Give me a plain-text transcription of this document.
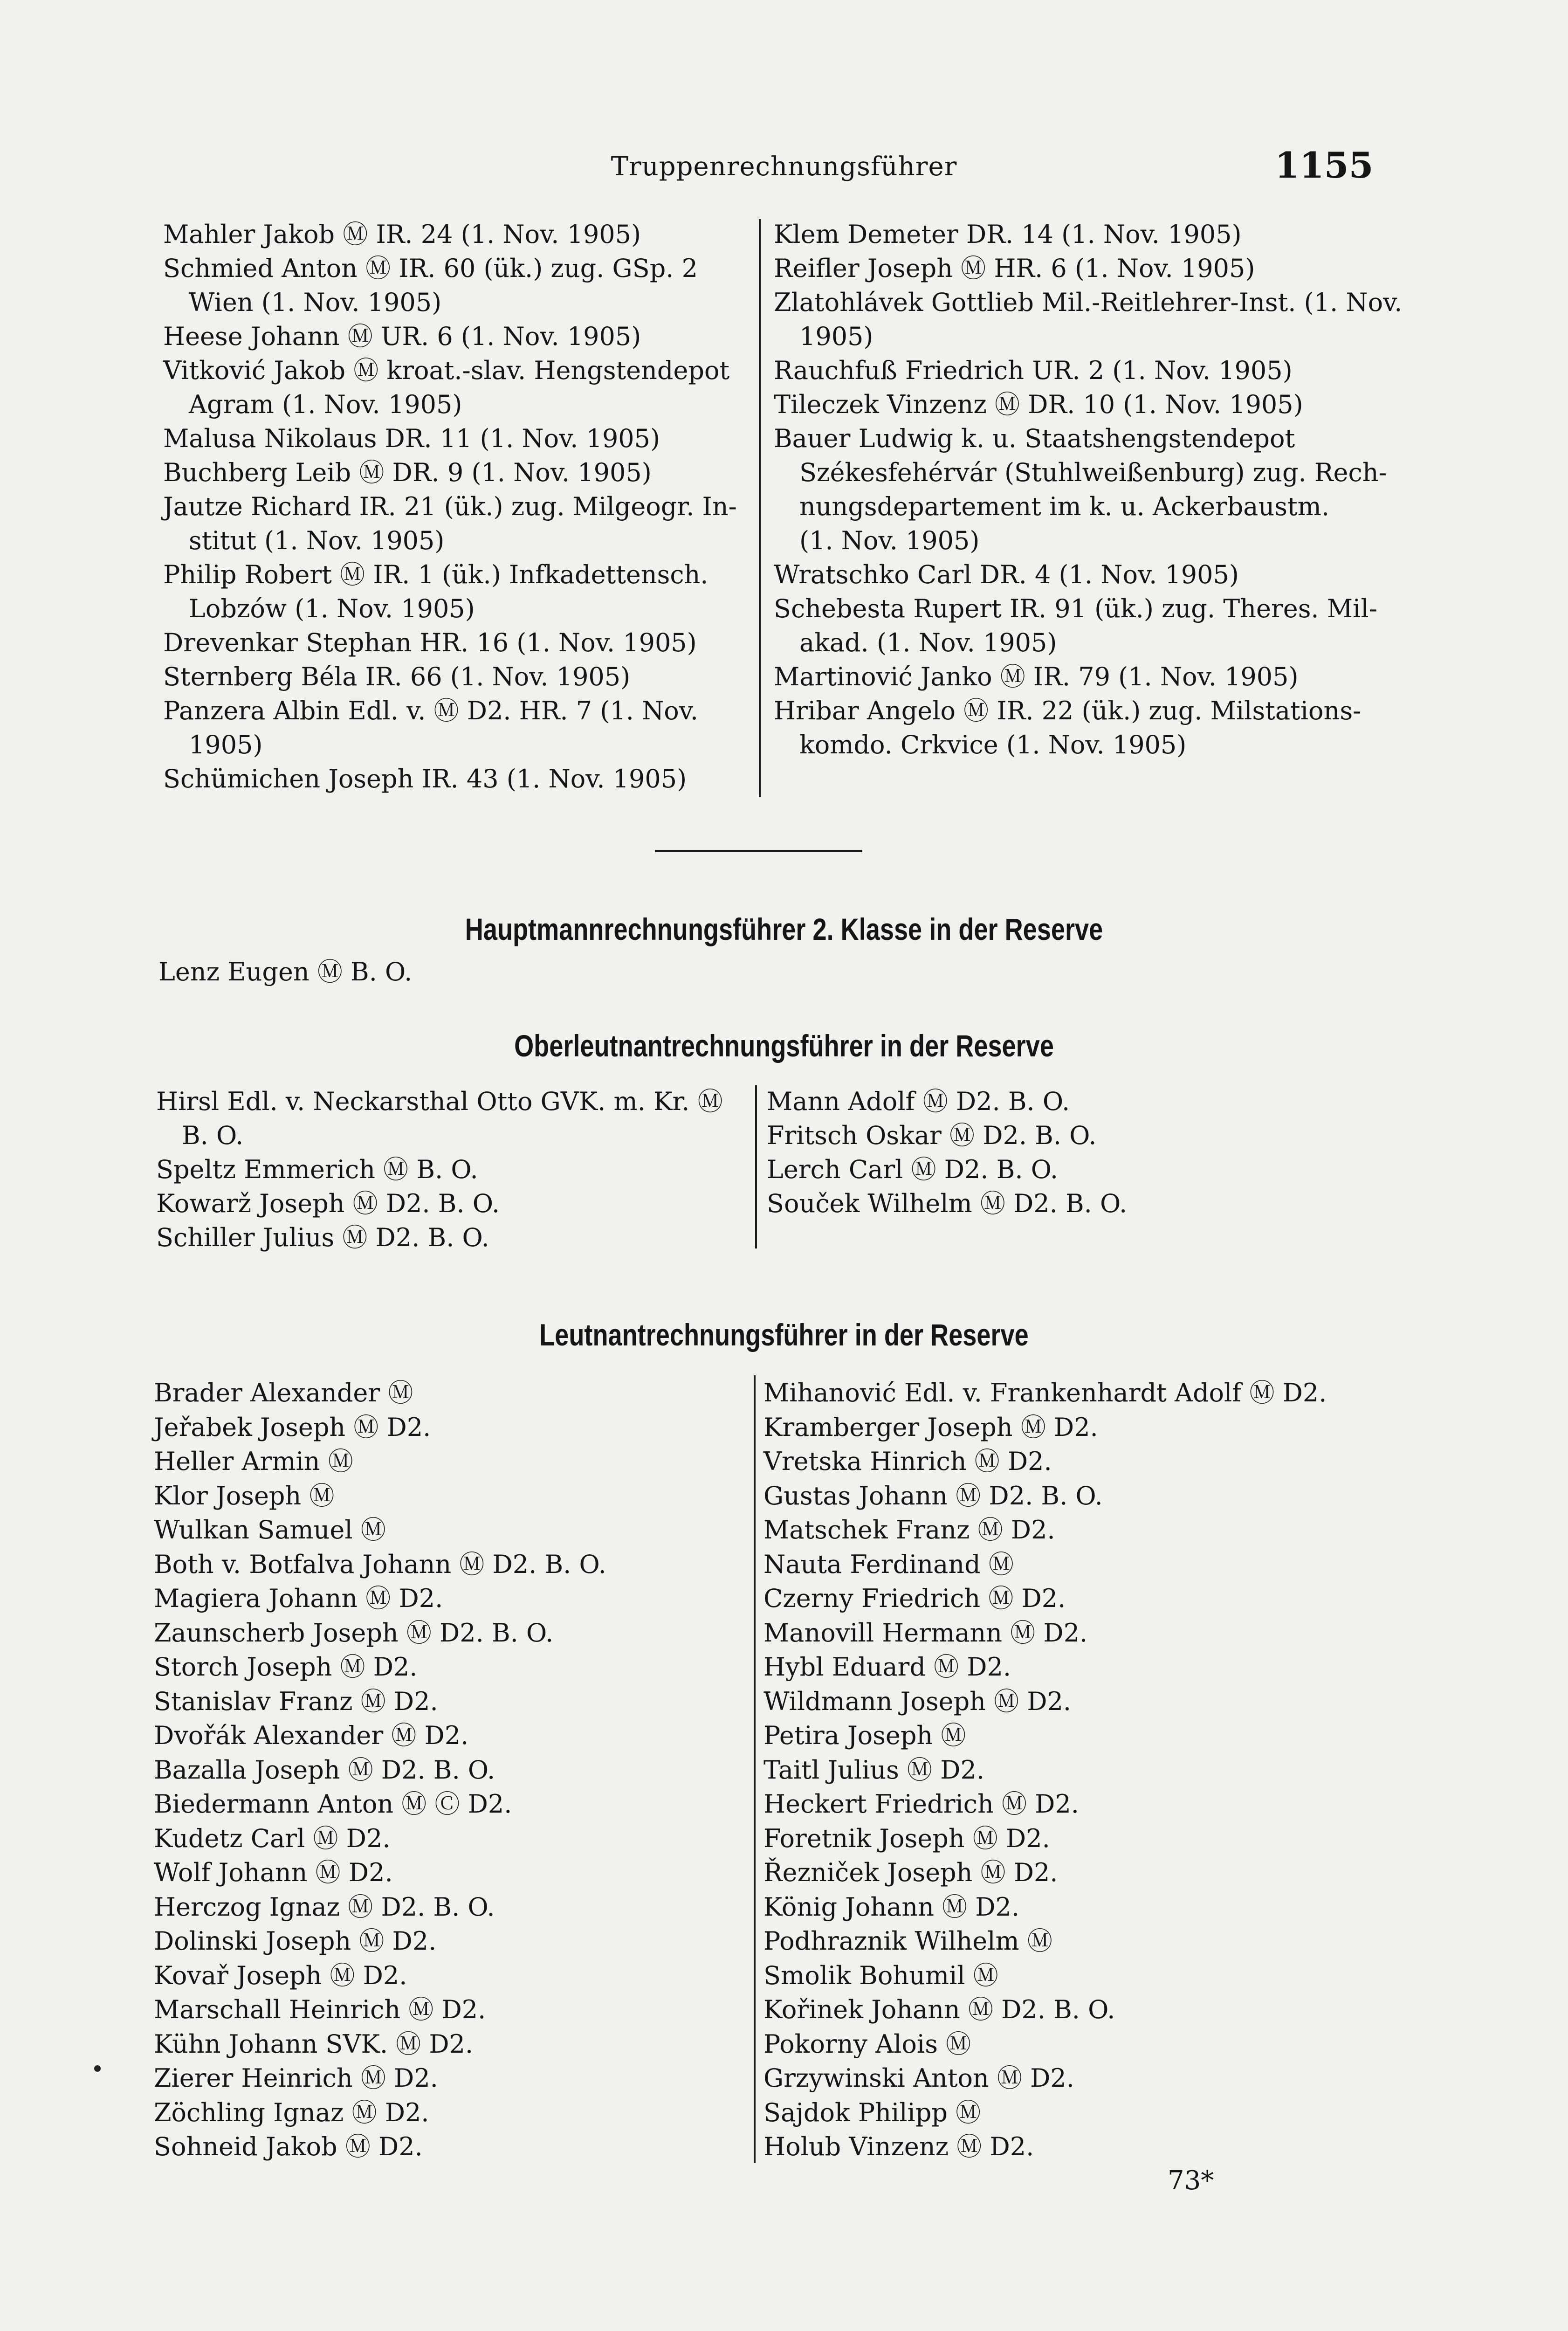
Truppenrechnungsführer	1155
Mahler Jakob Ⓜ IR. 24 (1. Nov. 1905)
Schmied Anton Ⓜ IR. 60 (ük.) zug. GSp. 2
Wien (1. Nov. 1905)
Heese Johann Ⓜ UR. 6 (1. Nov. 1905)
Vitković Jakob Ⓜ kroat.-slav. Hengstendepot
Agram (1. Nov. 1905)
Malusa Nikolaus DR. 11 (1. Nov. 1905)
Buchberg Leib Ⓜ DR. 9 (1. Nov. 1905)
Jautze Richard IR. 21 (ük.) zug. Milgeogr. In-
stitut (1. Nov. 1905)
Philip Robert Ⓜ IR. 1 (ük.) Infkadettensch.
Lobzów (1. Nov. 1905)
Drevenkar Stephan HR. 16 (1. Nov. 1905)
Sternberg Béla IR. 66 (1. Nov. 1905)
Panzera Albin Edl. v. Ⓜ D2. HR. 7 (1. Nov.
1905)
Schümichen Joseph IR. 43 (1. Nov. 1905)
Klem Demeter DR. 14 (1. Nov. 1905)
Reifler Joseph Ⓜ HR. 6 (1. Nov. 1905)
Zlatohlávek Gottlieb Mil.-Reitlehrer-Inst. (1. Nov.
1905)
Rauchfuß Friedrich UR. 2 (1. Nov. 1905)
Tileczek Vinzenz Ⓜ DR. 10 (1. Nov. 1905)
Bauer Ludwig k. u. Staatshengstendepot
Székesfehérvár (Stuhlweißenburg) zug. Rech-
nungsdepartement im k. u. Ackerbaustm.
(1. Nov. 1905)
Wratschko Carl DR. 4 (1. Nov. 1905)
Schebesta Rupert IR. 91 (ük.) zug. Theres. Mil-
akad. (1. Nov. 1905)
Martinović Janko Ⓜ IR. 79 (1. Nov. 1905)
Hribar Angelo Ⓜ IR. 22 (ük.) zug. Milstations-
komdo. Crkvice (1. Nov. 1905)
Hauptmannrechnungsführer 2. Klasse in der Reserve
Lenz Eugen Ⓜ B. O.
Oberleutnantrechnungsführer in der Reserve
Hirsl Edl. v. Neckarsthal Otto GVK. m. Kr. Ⓜ
B. O.
Speltz Emmerich Ⓜ B. O.
Kowarž Joseph Ⓜ D2. B. O.
Schiller Julius Ⓜ D2. B. O.
Mann Adolf Ⓜ D2. B. O.
Fritsch Oskar Ⓜ D2. B. O.
Lerch Carl Ⓜ D2. B. O.
Souček Wilhelm Ⓜ D2. B. O.
Leutnantrechnungsführer in der Reserve
Brader Alexander Ⓜ
Jeřabek Joseph Ⓜ D2.
Heller Armin Ⓜ
Klor Joseph Ⓜ
Wulkan Samuel Ⓜ
Both v. Botfalva Johann Ⓜ D2. B. O.
Magiera Johann Ⓜ D2.
Zaunscherb Joseph Ⓜ D2. B. O.
Storch Joseph Ⓜ D2.
Stanislav Franz Ⓜ D2.
Dvořák Alexander Ⓜ D2.
Bazalla Joseph Ⓜ D2. B. O.
Biedermann Anton Ⓜ Ⓒ D2.
Kudetz Carl Ⓜ D2.
Wolf Johann Ⓜ D2.
Herczog Ignaz Ⓜ D2. B. O.
Dolinski Joseph Ⓜ D2.
Kovař Joseph Ⓜ D2.
Marschall Heinrich Ⓜ D2.
Kühn Johann SVK. Ⓜ D2.
Zierer Heinrich Ⓜ D2.
Zöchling Ignaz Ⓜ D2.
Sohneid Jakob Ⓜ D2.
Mihanović Edl. v. Frankenhardt Adolf Ⓜ D2.
Kramberger Joseph Ⓜ D2.
Vretska Hinrich Ⓜ D2.
Gustas Johann Ⓜ D2. B. O.
Matschek Franz Ⓜ D2.
Nauta Ferdinand Ⓜ
Czerny Friedrich Ⓜ D2.
Manovill Hermann Ⓜ D2.
Hybl Eduard Ⓜ D2.
Wildmann Joseph Ⓜ D2.
Petira Joseph Ⓜ
Taitl Julius Ⓜ D2.
Heckert Friedrich Ⓜ D2.
Foretnik Joseph Ⓜ D2.
Řezniček Joseph Ⓜ D2.
König Johann Ⓜ D2.
Podhraznik Wilhelm Ⓜ
Smolik Bohumil Ⓜ
Kořinek Johann Ⓜ D2. B. O.
Pokorny Alois Ⓜ
Grzywinski Anton Ⓜ D2.
Sajdok Philipp Ⓜ
Holub Vinzenz Ⓜ D2.
73*
